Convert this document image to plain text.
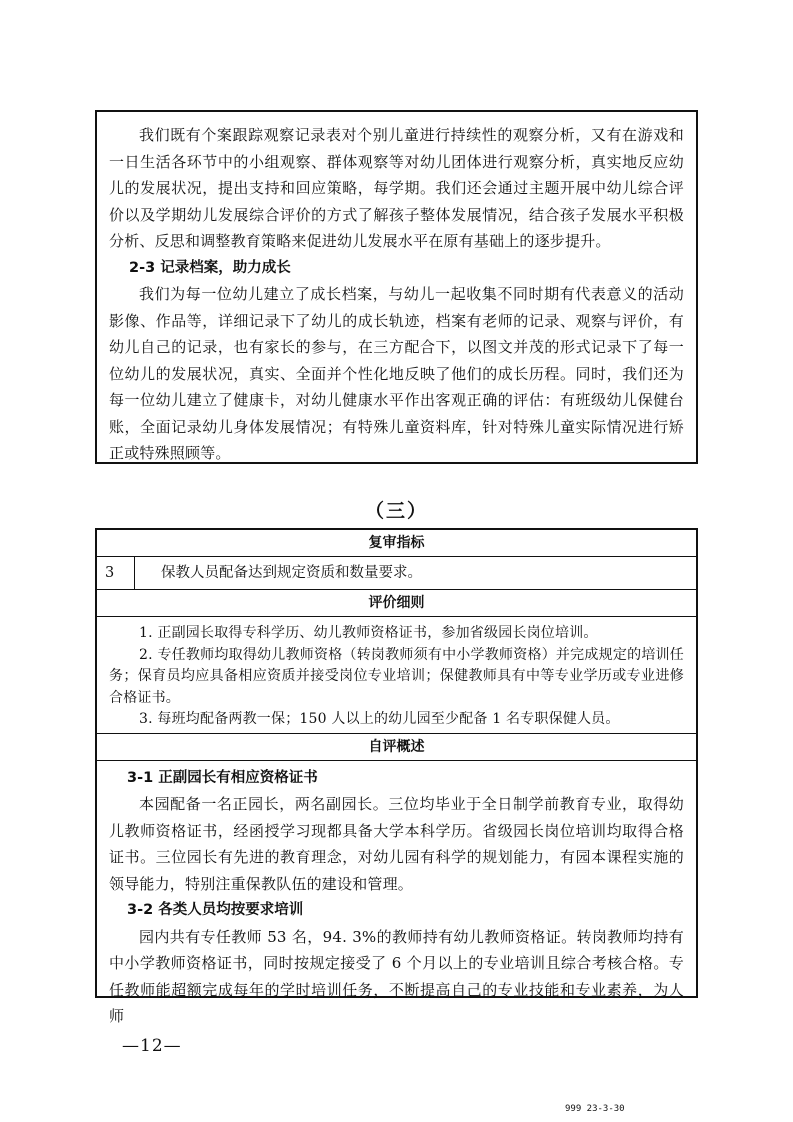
我们既有个案跟踪观察记录表对个别儿童进行持续性的观察分析，又有在游戏和一日生活各环节中的小组观察、群体观察等对幼儿团体进行观察分析，真实地反应幼儿的发展状况，提出支持和回应策略，每学期。我们还会通过主题开展中幼儿综合评价以及学期幼儿发展综合评价的方式了解孩子整体发展情况，结合孩子发展水平积极分析、反思和调整教育策略来促进幼儿发展水平在原有基础上的逐步提升。

2-3 记录档案，助力成长

我们为每一位幼儿建立了成长档案，与幼儿一起收集不同时期有代表意义的活动影像、作品等，详细记录下了幼儿的成长轨迹，档案有老师的记录、观察与评价，有幼儿自己的记录，也有家长的参与，在三方配合下，以图文并茂的形式记录下了每一位幼儿的发展状况，真实、全面并个性化地反映了他们的成长历程。同时，我们还为每一位幼儿建立了健康卡，对幼儿健康水平作出客观正确的评估：有班级幼儿保健台账，全面记录幼儿身体发展情况；有特殊儿童资料库，针对特殊儿童实际情况进行矫正或特殊照顾等。

（三）
复审指标
3	保教人员配备达到规定资质和数量要求。
评价细则

1. 正副园长取得专科学历、幼儿教师资格证书，参加省级园长岗位培训。

2. 专任教师均取得幼儿教师资格（转岗教师须有中小学教师资格）并完成规定的培训任务；保育员均应具备相应资质并接受岗位专业培训；保健教师具有中等专业学历或专业进修合格证书。

3. 每班均配备两教一保；150 人以上的幼儿园至少配备 1 名专职保健人员。

自评概述

3-1 正副园长有相应资格证书

本园配备一名正园长，两名副园长。三位均毕业于全日制学前教育专业，取得幼儿教师资格证书，经函授学习现都具备大学本科学历。省级园长岗位培训均取得合格证书。三位园长有先进的教育理念，对幼儿园有科学的规划能力，有园本课程实施的领导能力，特别注重保教队伍的建设和管理。

3-2 各类人员均按要求培训

园内共有专任教师 53 名，94. 3%的教师持有幼儿教师资格证。转岗教师均持有中小学教师资格证书，同时按规定接受了 6 个月以上的专业培训且综合考核合格。专任教师能超额完成每年的学时培训任务，不断提高自己的专业技能和专业素养，为人师

—12—
999 23-3-30
